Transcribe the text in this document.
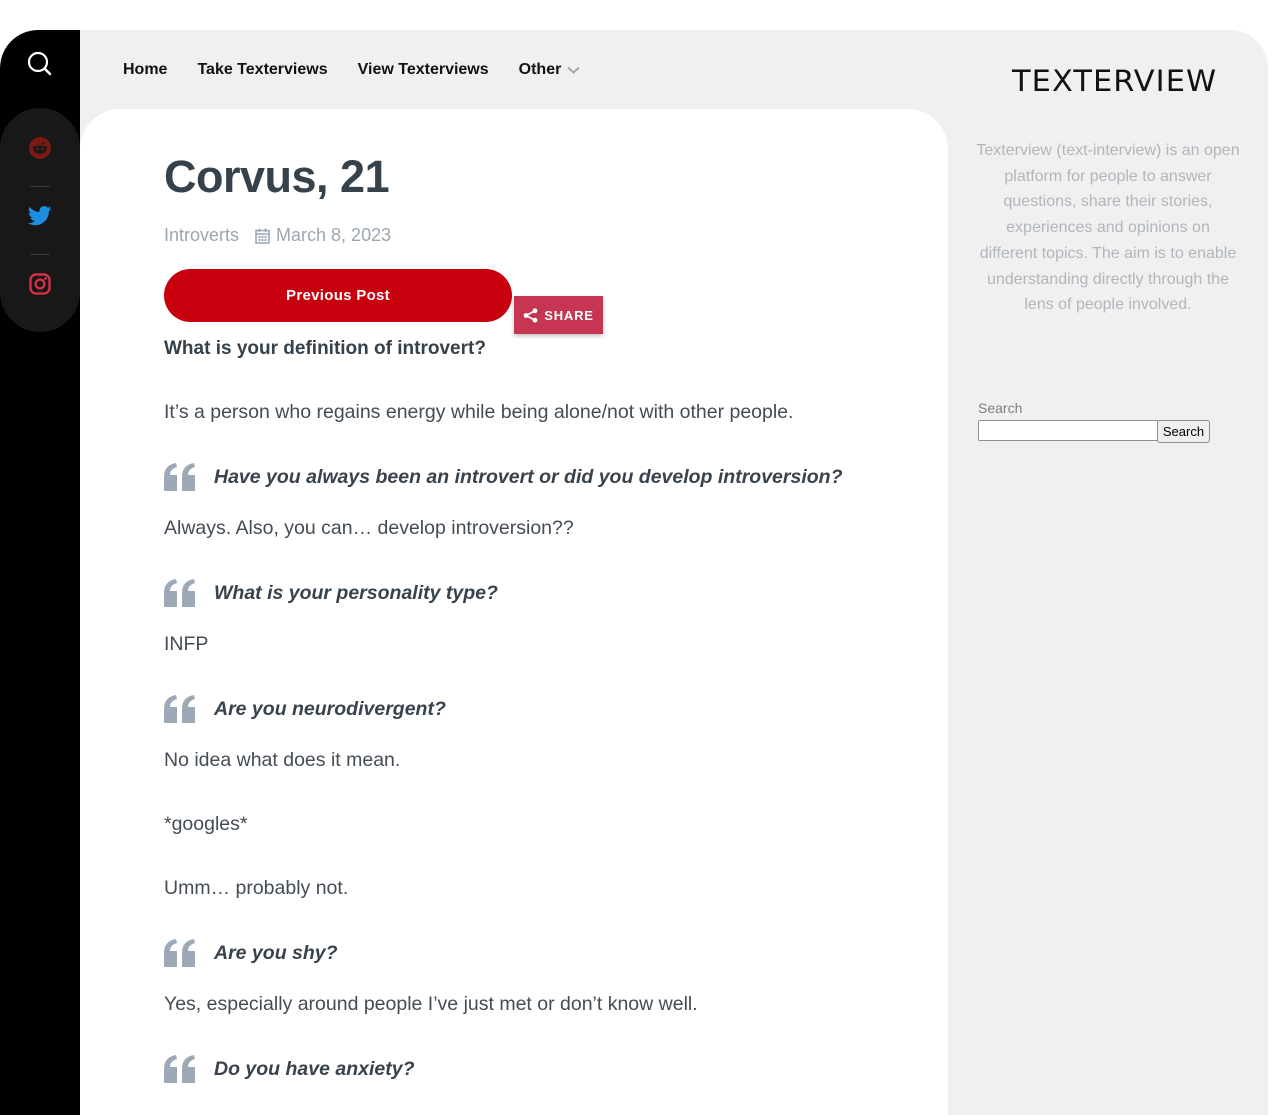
Home Take Texterviews View Texterviews Other
Corvus, 21
Introverts March 8, 2023
Previous Post
SHARE
What is your definition of introvert?
It’s a person who regains energy while being alone/not with other people.
Have you always been an introvert or did you develop introversion?
Always. Also, you can… develop introversion??
What is your personality type?
INFP
Are you neurodivergent?
No idea what does it mean.
*googles*
Umm… probably not.
Are you shy?
Yes, especially around people I’ve just met or don’t know well.
Do you have anxiety?
TEXTERVIEW
Texterview (text-interview) is an open platform for people to answer questions, share their stories, experiences and opinions on different topics. The aim is to enable understanding directly through the lens of people involved.
Search
Search
